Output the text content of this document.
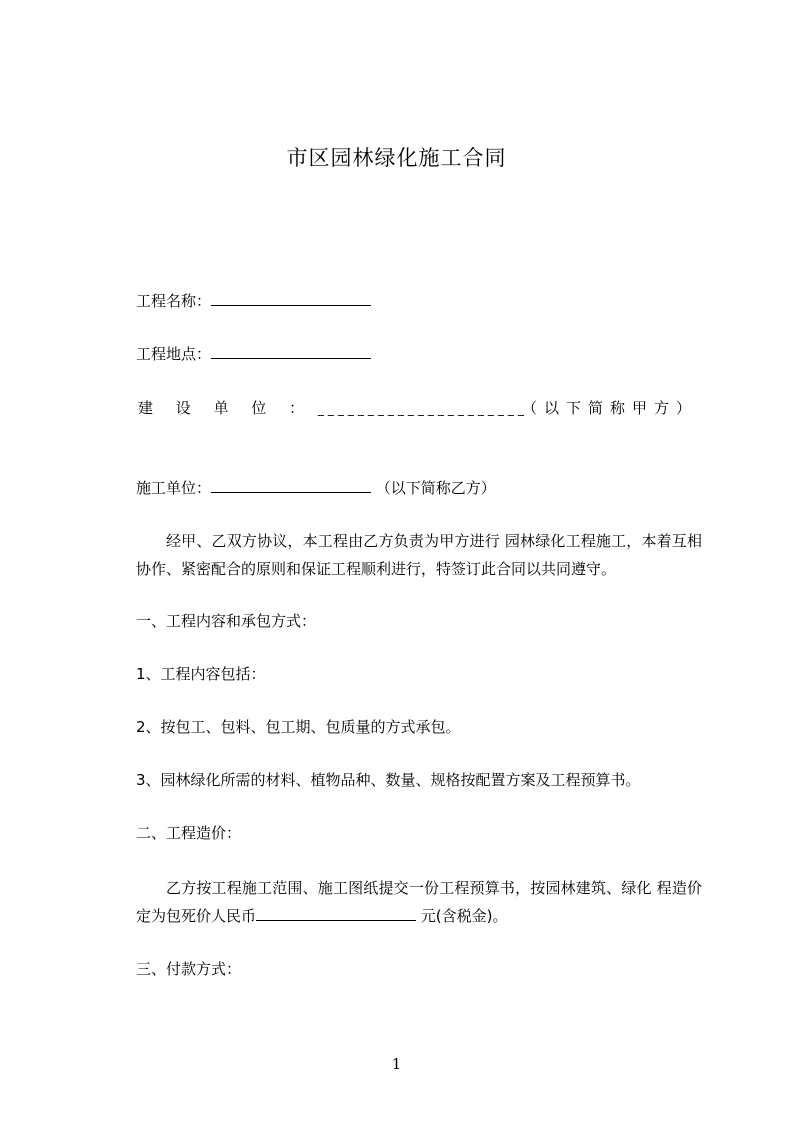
市区园林绿化施工合同
工程名称：
工程地点：
建 设 单 位 ： _____________________
（以下简称甲方）
施工单位：	（以下简称乙方）
经甲、乙双方协议，本工程由乙方负责为甲方进行 园林绿化工程施工，本着互相协作、紧密配合的原则和保证工程顺利进行，特签订此合同以共同遵守。
一、工程内容和承包方式：
1、工程内容包括：
2、按包工、包料、包工期、包质量的方式承包。
3、园林绿化所需的材料、植物品种、数量、规格按配置方案及工程预算书。
二、工程造价：
乙方按工程施工范围、施工图纸提交一份工程预算书，按园林建筑、绿化 程造价定为包死价人民币	元(含税金)。
三、付款方式：
1
